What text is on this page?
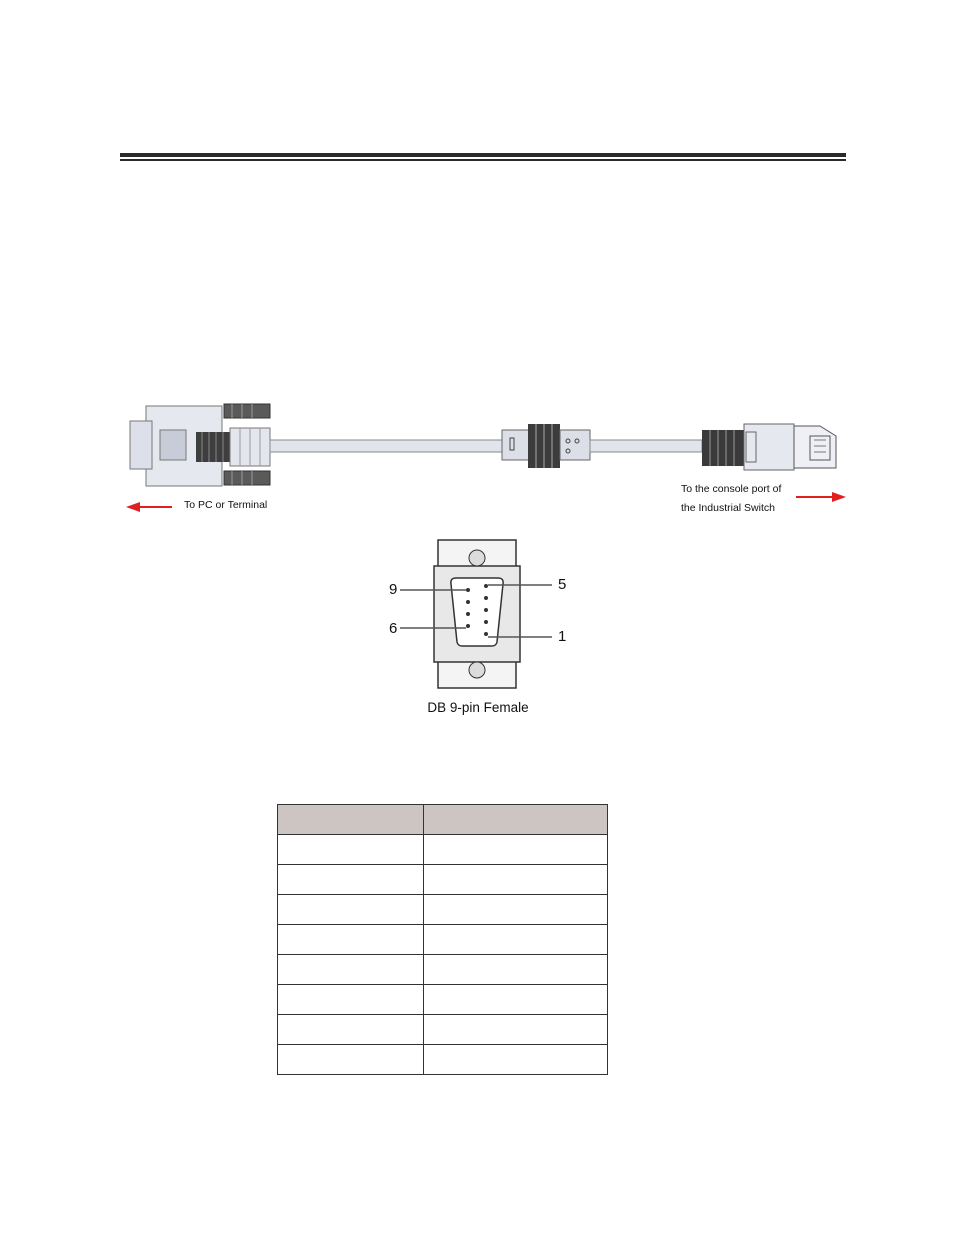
To PC or Terminal
To the console port of
the Industrial Switch
9	5
6	1
DB 9-pin Female
